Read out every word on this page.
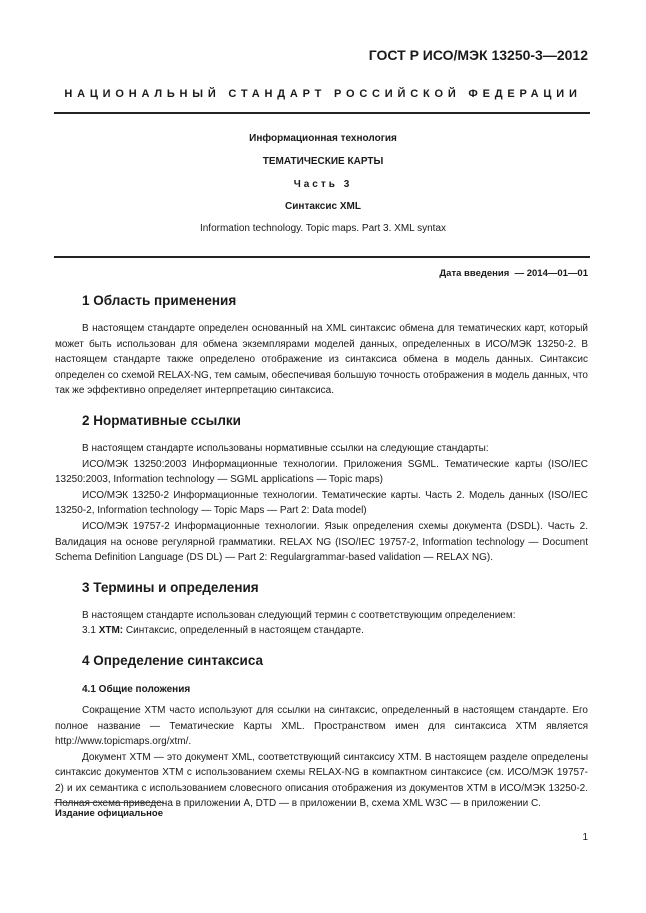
ГОСТ Р ИСО/МЭК 13250-3—2012
НАЦИОНАЛЬНЫЙ СТАНДАРТ РОССИЙСКОЙ ФЕДЕРАЦИИ
Информационная технология
ТЕМАТИЧЕСКИЕ КАРТЫ
Часть 3
Синтаксис XML
Information technology. Topic maps. Part 3. XML syntax
Дата введения — 2014—01—01
1 Область применения

В настоящем стандарте определен основанный на XML синтаксис обмена для тематических карт, который может быть использован для обмена экземплярами моделей данных, определенных в ИСО/МЭК 13250-2. В настоящем стандарте также определено отображение из синтаксиса обмена в модель данных. Синтаксис определен со схемой RELAX-NG, тем самым, обеспечивая большую точность отображения в модель данных, что так же эффективно определяет интерпретацию синтаксиса.

2 Нормативные ссылки

В настоящем стандарте использованы нормативные ссылки на следующие стандарты:

ИСО/МЭК 13250:2003 Информационные технологии. Приложения SGML. Тематические карты (ISO/IEC 13250:2003, Information technology — SGML applications — Topic maps)

ИСО/МЭК 13250-2 Информационные технологии. Тематические карты. Часть 2. Модель данных (ISO/IEC 13250-2, Information technology — Topic Maps — Part 2: Data model)

ИСО/МЭК 19757-2 Информационные технологии. Язык определения схемы документа (DSDL). Часть 2. Валидация на основе регулярной грамматики. RELAX NG (ISO/IEC 19757-2, Information technology — Document Schema Definition Language (DS DL) — Part 2: Regulargrammar-based validation — RELAX NG).

3 Термины и определения

В настоящем стандарте использован следующий термин с соответствующим определением:

3.1 XTM: Синтаксис, определенный в настоящем стандарте.

4 Определение синтаксиса
4.1 Общие положения

Сокращение XTM часто используют для ссылки на синтаксис, определенный в настоящем стандарте. Его полное название — Тематические Карты XML. Пространством имен для синтаксиса XTM является http://www.topicmaps.org/xtm/.

Документ XTM — это документ XML, соответствующий синтаксису XTM. В настоящем разделе определены синтаксис документов XTM с использованием схемы RELAX-NG в компактном синтаксисе (см. ИСО/МЭК 19757-2) и их семантика с использованием словесного описания отображения из документов XTM в ИСО/МЭК 13250-2. Полная схема приведена в приложении A, DTD — в приложении B, схема XML W3C — в приложении C.

Издание официальное
1
